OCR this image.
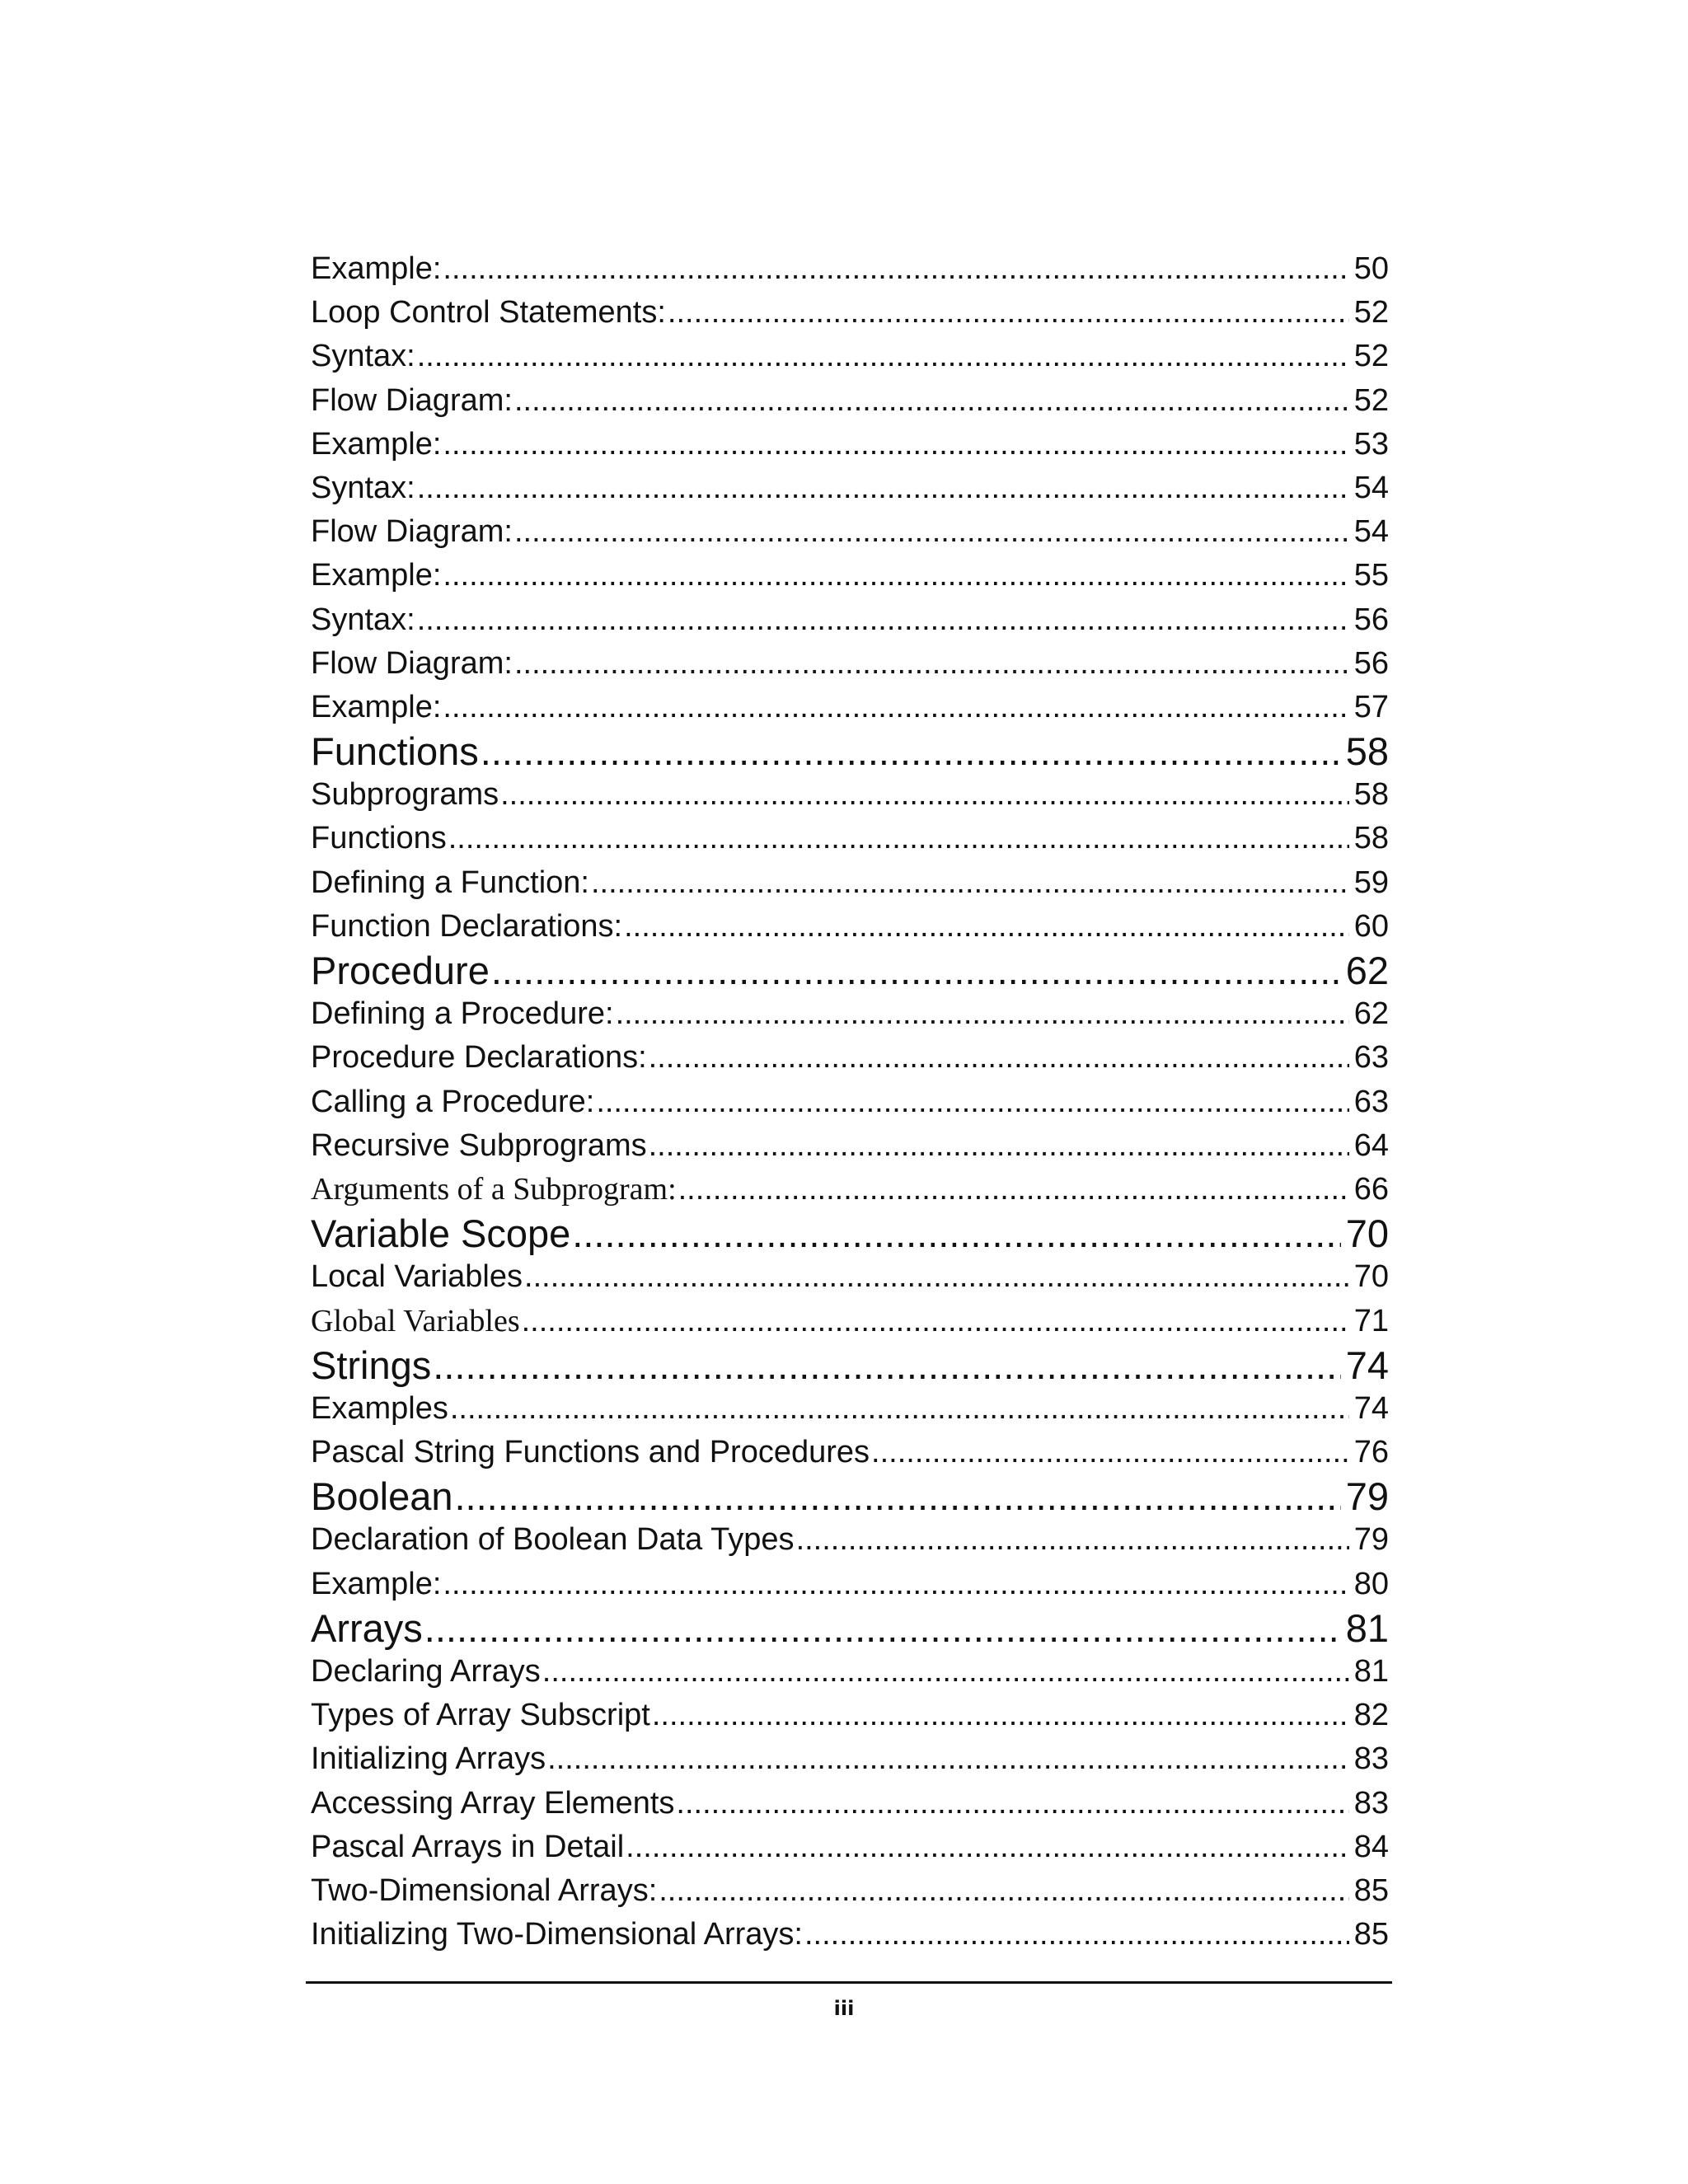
Example: .....	50
Loop Control Statements: .....	52
Syntax: .....	52
Flow Diagram: .....	52
Example: .....	53
Syntax: .....	54
Flow Diagram: .....	54
Example: .....	55
Syntax: .....	56
Flow Diagram: .....	56
Example: .....	57
Functions .....	58
Subprograms .....	58
Functions .....	58
Defining a Function: .....	59
Function Declarations: .....	60
Procedure .....	62
Defining a Procedure: .....	62
Procedure Declarations: .....	63
Calling a Procedure: .....	63
Recursive Subprograms .....	64
Arguments of a Subprogram: .....	66
Variable Scope .....	70
Local Variables .....	70
Global Variables .....	71
Strings .....	74
Examples .....	74
Pascal String Functions and Procedures .....	76
Boolean .....	79
Declaration of Boolean Data Types .....	79
Example: .....	80
Arrays .....	81
Declaring Arrays .....	81
Types of Array Subscript .....	82
Initializing Arrays .....	83
Accessing Array Elements .....	83
Pascal Arrays in Detail .....	84
Two-Dimensional Arrays: .....	85
Initializing Two-Dimensional Arrays: .....	85
iii
